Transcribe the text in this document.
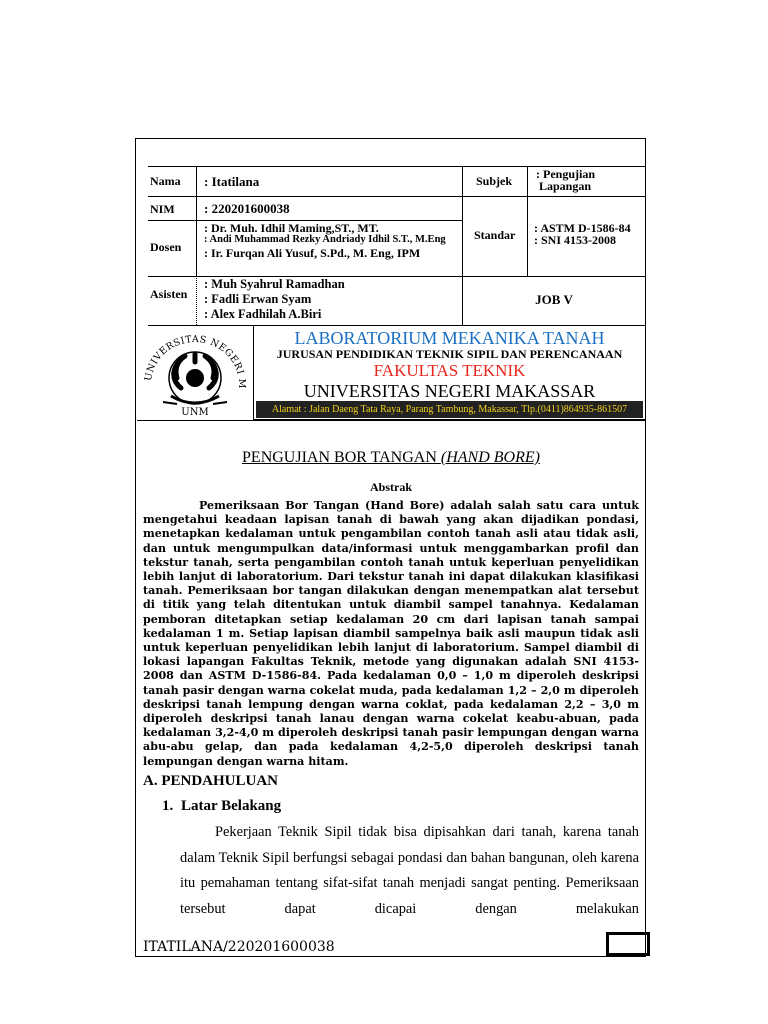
Nama : Itatilana	Subjek : Pengujian
Lapangan
NIM : 220201600038
Dosen
: Dr. Muh. Idhil Maming,ST., MT.
: Andi Muhammad Rezky Andriady Idhil S.T., M.Eng
: Ir. Furqan Ali Yusuf, S.Pd., M. Eng, IPM
Standar : ASTM D-1586-84
: SNI 4153-2008
Asisten
: Muh Syahrul Ramadhan
: Fadli Erwan Syam
: Alex Fadhilah A.Biri
JOB V
UNIVERSITAS NEGERI M
UNM
LABORATORIUM MEKANIKA TANAH
JURUSAN PENDIDIKAN TEKNIK SIPIL DAN PERENCANAAN
FAKULTAS TEKNIK
UNIVERSITAS NEGERI MAKASSAR
Alamat : Jalan Daeng Tata Raya, Parang Tambung, Makassar, Tlp.(0411)864935-861507
PENGUJIAN BOR TANGAN (HAND BORE)
Abstrak

Pemeriksaan Bor Tangan (Hand Bore) adalah salah satu cara untuk mengetahui keadaan lapisan tanah di bawah yang akan dijadikan pondasi, menetapkan kedalaman untuk pengambilan contoh tanah asli atau tidak asli, dan untuk mengumpulkan data/informasi untuk menggambarkan profil dan tekstur tanah, serta pengambilan contoh tanah untuk keperluan penyelidikan lebih lanjut di laboratorium. Dari tekstur tanah ini dapat dilakukan klasifikasi tanah. Pemeriksaan bor tangan dilakukan dengan menempatkan alat tersebut di titik yang telah ditentukan untuk diambil sampel tanahnya. Kedalaman pemboran ditetapkan setiap kedalaman 20 cm dari lapisan tanah sampai kedalaman 1 m. Setiap lapisan diambil sampelnya baik asli maupun tidak asli untuk keperluan penyelidikan lebih lanjut di laboratorium. Sampel diambil di lokasi lapangan Fakultas Teknik, metode yang digunakan adalah SNI 4153-2008 dan ASTM D-1586-84. Pada kedalaman 0,0 – 1,0 m diperoleh deskripsi tanah pasir dengan warna cokelat muda, pada kedalaman 1,2 – 2,0 m diperoleh deskripsi tanah lempung dengan warna coklat, pada kedalaman 2,2 – 3,0 m diperoleh deskripsi tanah lanau dengan warna cokelat keabu-abuan, pada kedalaman 3,2-4,0 m diperoleh deskripsi tanah pasir lempungan dengan warna abu-abu gelap, dan pada kedalaman 4,2-5,0 diperoleh deskripsi tanah lempungan dengan warna hitam.

A. PENDAHULUAN
1. Latar Belakang

Pekerjaan Teknik Sipil tidak bisa dipisahkan dari tanah, karena tanah dalam Teknik Sipil berfungsi sebagai pondasi dan bahan bangunan, oleh karena itu pemahaman tentang sifat-sifat tanah menjadi sangat penting. Pemeriksaan tersebut dapat dicapai dengan melakukan

ITATILANA/220201600038
